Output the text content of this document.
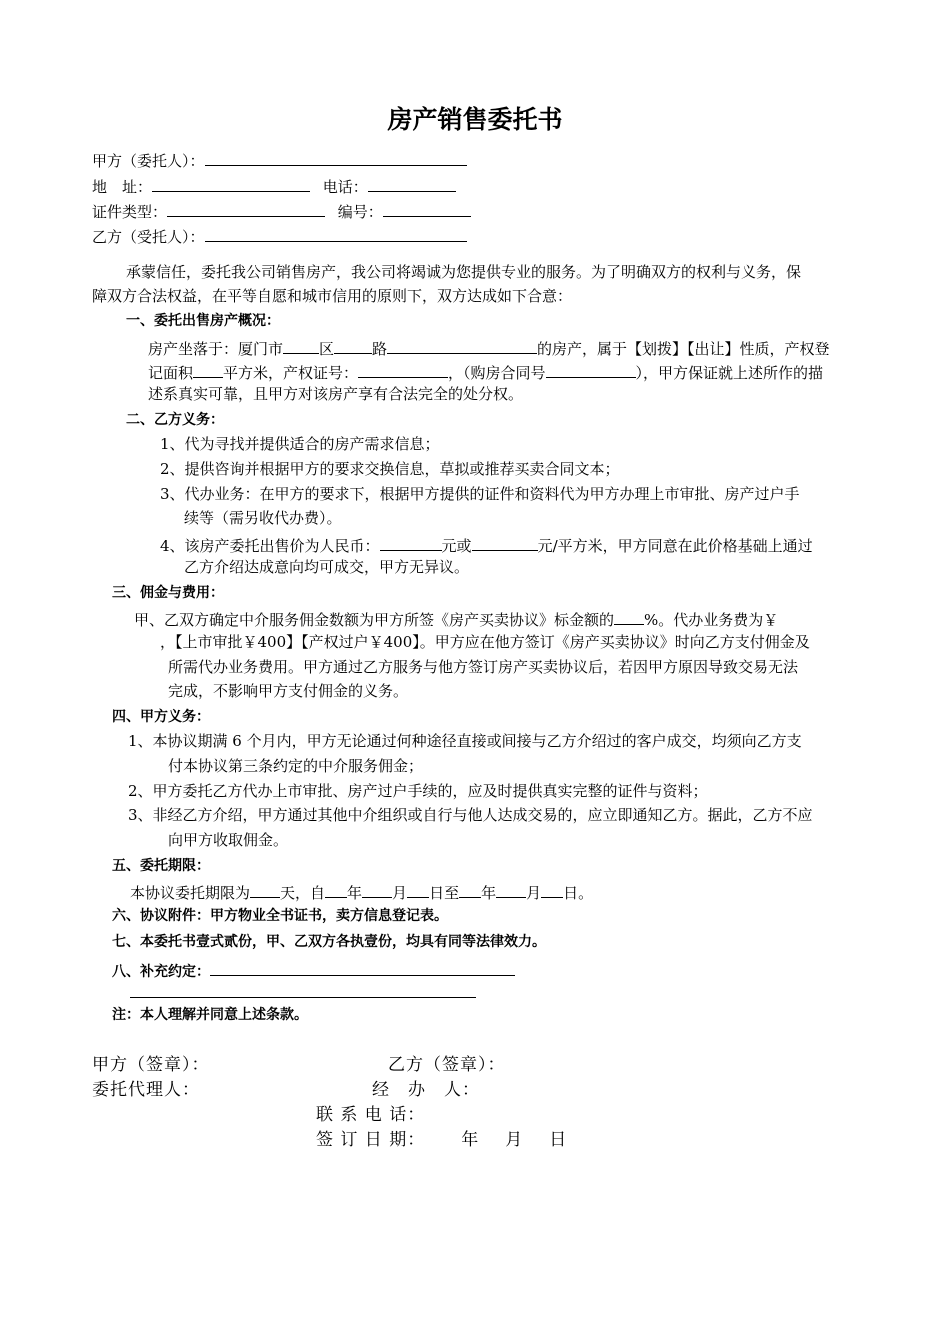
房产销售委托书
甲方（委托人）：
地　址：	电话：
证件类型：	编号：
乙方（受托人）：
承蒙信任，委托我公司销售房产，我公司将竭诚为您提供专业的服务。为了明确双方的权利与义务，保
障双方合法权益，在平等自愿和城市信用的原则下，双方达成如下合意：
一、委托出售房产概况：
房产坐落于：厦门市 区	路	的房产，属于【划拨】【出让】性质，产权登
记面积 平方米，产权证号：	，（购房合同号	），甲方保证就上述所作的描
述系真实可靠，且甲方对该房产享有合法完全的处分权。
二、乙方义务：
1、代为寻找并提供适合的房产需求信息；
2、提供咨询并根据甲方的要求交换信息，草拟或推荐买卖合同文本；
3、代办业务：在甲方的要求下，根据甲方提供的证件和资料代为甲方办理上市审批、房产过户手
续等（需另收代办费）。
4、该房产委托出售价为人民币：	元或	元/平方米，甲方同意在此价格基础上通过
乙方介绍达成意向均可成交，甲方无异议。
三、佣金与费用：
甲、乙双方确定中介服务佣金数额为甲方所签《房产买卖协议》标金额的 %。代办业务费为￥
，【上市审批￥400】【产权过户￥400】。甲方应在他方签订《房产买卖协议》时向乙方支付佣金及
所需代办业务费用。甲方通过乙方服务与他方签订房产买卖协议后，若因甲方原因导致交易无法
完成，不影响甲方支付佣金的义务。
四、甲方义务：
1、本协议期满 6 个月内，甲方无论通过何种途径直接或间接与乙方介绍过的客户成交，均须向乙方支
付本协议第三条约定的中介服务佣金；
2、甲方委托乙方代办上市审批、房产过户手续的，应及时提供真实完整的证件与资料；
3、非经乙方介绍，甲方通过其他中介组织或自行与他人达成交易的，应立即通知乙方。据此，乙方不应
向甲方收取佣金。
五、委托期限：
本协议委托期限为 天，自 年 月 日至 年 月 日。
六、协议附件：甲方物业全书证书，卖方信息登记表。
七、本委托书壹式贰份，甲、乙双方各执壹份，均具有同等法律效力。
八、补充约定：
注：本人理解并同意上述条款。
甲方（签章）：	乙方（签章）：
委托代理人：	经　办　人：
联 系 电 话：
签 订 日 期： 年 月 日
